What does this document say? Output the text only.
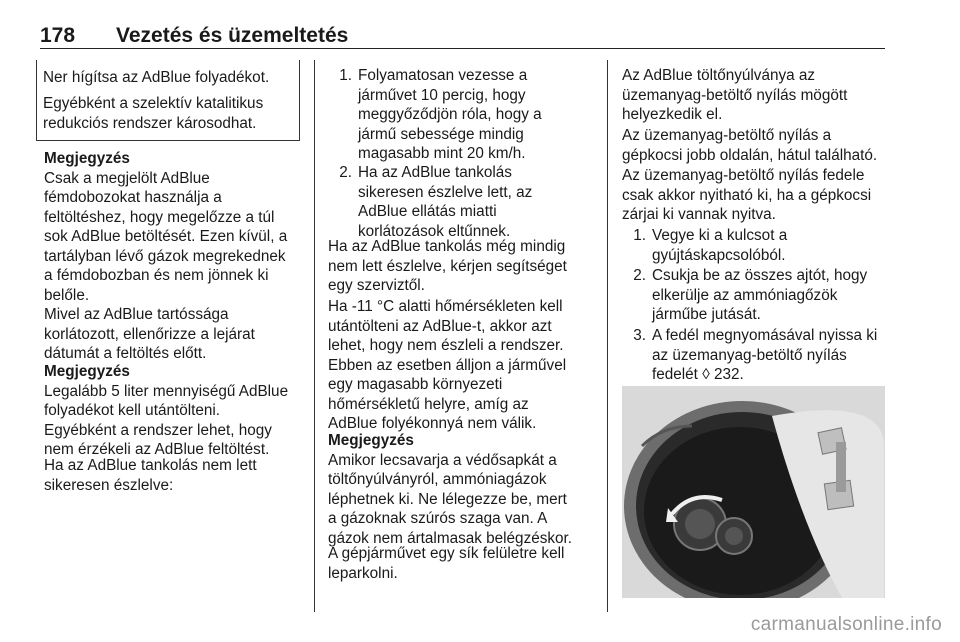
178 Vezetés és üzemeltetés

Ner hígítsa az AdBlue folyadékot.

Egyébként a szelektív katalitikus

redukciós rendszer károsodhat.

Megjegyzés

Csak a megjelölt AdBlue

fémdobozokat használja a

feltöltéshez, hogy megelőzze a túl

sok AdBlue betöltését. Ezen kívül, a

tartályban lévő gázok megrekednek

a fémdobozban és nem jönnek ki

belőle.

Mivel az AdBlue tartóssága

korlátozott, ellenőrizze a lejárat

dátumát a feltöltés előtt.

Megjegyzés

Legalább 5 liter mennyiségű AdBlue

folyadékot kell utántölteni.

Egyébként a rendszer lehet, hogy

nem érzékeli az AdBlue feltöltést.

Ha az AdBlue tankolás nem lett

sikeresen észlelve:

1. Folyamatosan vezesse a

járművet 10 percig, hogy

meggyőződjön róla, hogy a

jármű sebessége mindig

magasabb mint 20 km/h.

2. Ha az AdBlue tankolás

sikeresen észlelve lett, az

AdBlue ellátás miatti

korlátozások eltűnnek.

Ha az AdBlue tankolás még mindig

nem lett észlelve, kérjen segítséget

egy szerviztől.

Ha -11 °C alatti hőmérsékleten kell

utántölteni az AdBlue-t, akkor azt

lehet, hogy nem észleli a rendszer.

Ebben az esetben álljon a járművel

egy magasabb környezeti

hőmérsékletű helyre, amíg az

AdBlue folyékonnyá nem válik.

Megjegyzés

Amikor lecsavarja a védősapkát a

töltőnyúlványról, ammóniagázok

léphetnek ki. Ne lélegezze be, mert

a gázoknak szúrós szaga van. A

gázok nem ártalmasak belégzéskor.

A gépjárművet egy sík felületre kell

leparkolni.

Az AdBlue töltőnyúlványa az

üzemanyag-betöltő nyílás mögött

helyezkedik el.

Az üzemanyag-betöltő nyílás a

gépkocsi jobb oldalán, hátul található.

Az üzemanyag-betöltő nyílás fedele

csak akkor nyitható ki, ha a gépkocsi

zárjai ki vannak nyitva.

1. Vegye ki a kulcsot a

gyújtáskapcsolóból.

2. Csukja be az összes ajtót, hogy

elkerülje az ammóniagőzök

járműbe jutását.

3. A fedél megnyomásával nyissa ki

az üzemanyag-betöltő nyílás

fedelét ◊ 232.

carmanualsonline.info
